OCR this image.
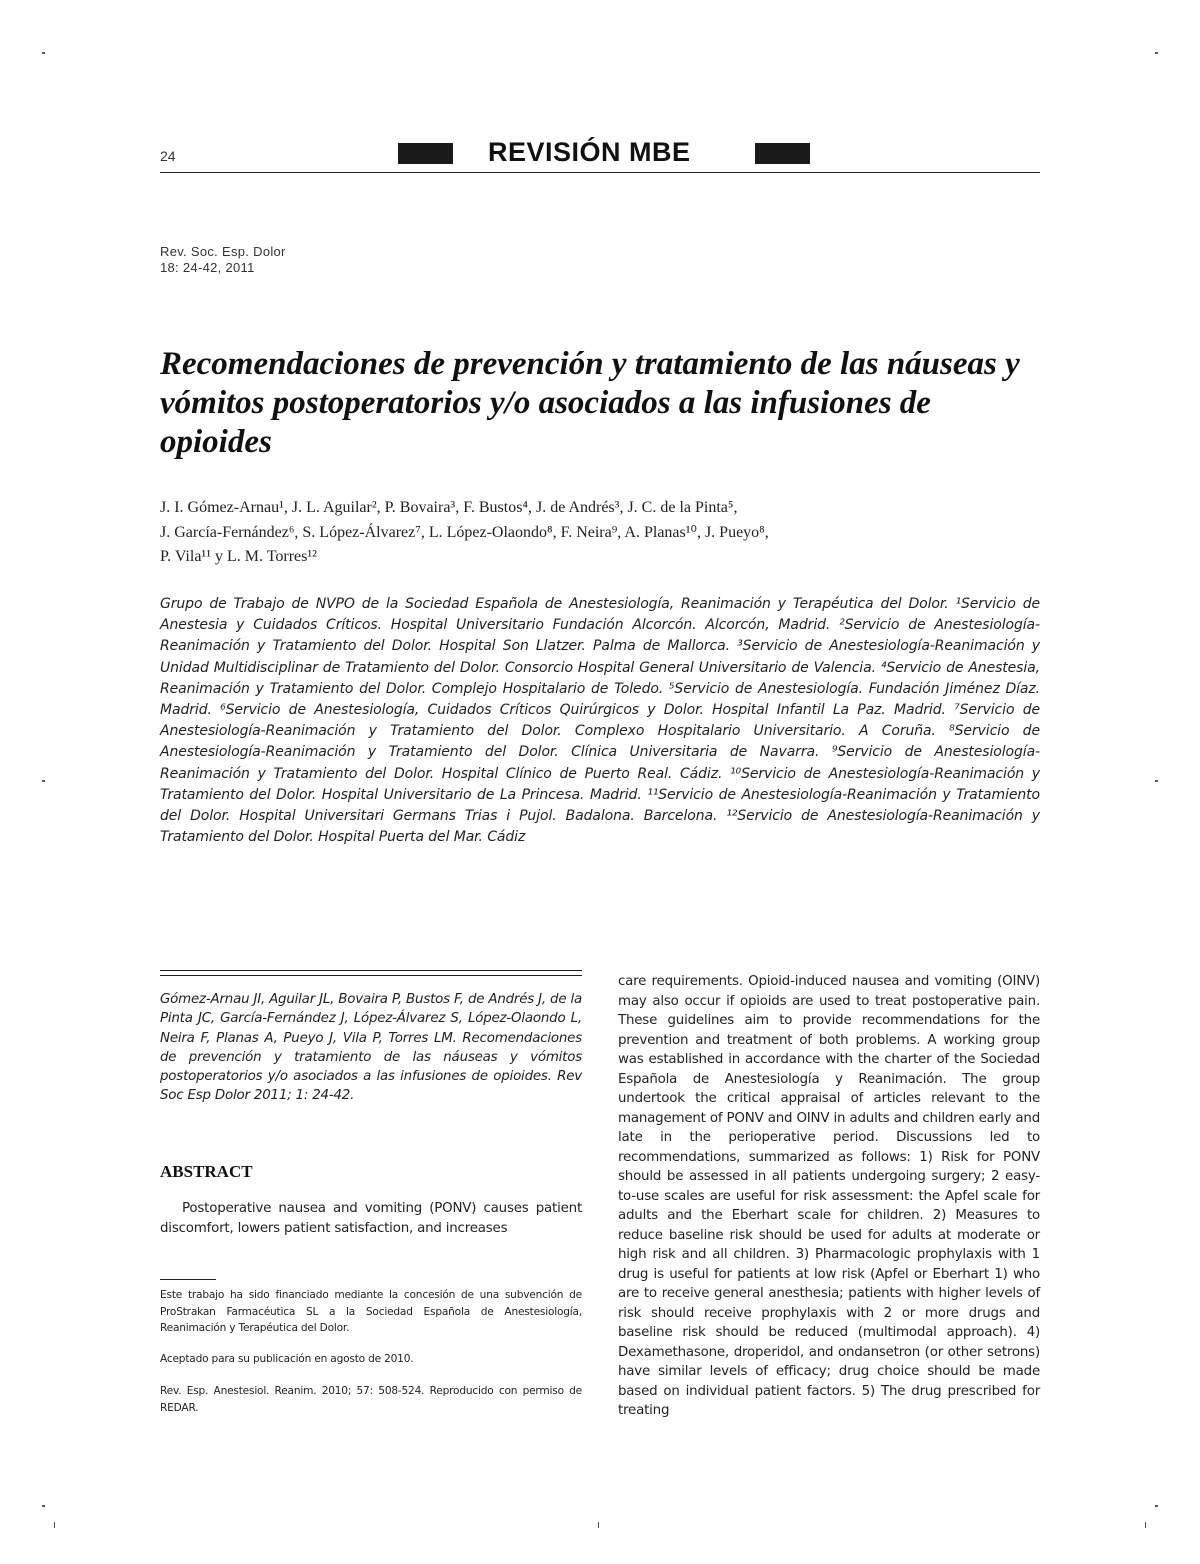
24	REVISIÓN MBE
Rev. Soc. Esp. Dolor
18: 24-42, 2011
Recomendaciones de prevención y tratamiento de las náuseas y vómitos postoperatorios y/o asociados a las infusiones de opioides
J. I. Gómez-Arnau¹, J. L. Aguilar², P. Bovaira³, F. Bustos⁴, J. de Andrés³, J. C. de la Pinta⁵,
J. García-Fernández⁶, S. López-Álvarez⁷, L. López-Olaondo⁸, F. Neira⁹, A. Planas¹⁰, J. Pueyo⁸,
P. Vila¹¹ y L. M. Torres¹²
Grupo de Trabajo de NVPO de la Sociedad Española de Anestesiología, Reanimación y Terapéutica del Dolor. ¹Servicio de Anestesia y Cuidados Críticos. Hospital Universitario Fundación Alcorcón. Alcorcón, Madrid. ²Servicio de Anestesiología-Reanimación y Tratamiento del Dolor. Hospital Son Llatzer. Palma de Mallorca. ³Servicio de Anestesiología-Reanimación y Unidad Multidisciplinar de Tratamiento del Dolor. Consorcio Hospital General Universitario de Valencia. ⁴Servicio de Anestesia, Reanimación y Tratamiento del Dolor. Complejo Hospitalario de Toledo. ⁵Servicio de Anestesiología. Fundación Jiménez Díaz. Madrid. ⁶Servicio de Anestesiología, Cuidados Críticos Quirúrgicos y Dolor. Hospital Infantil La Paz. Madrid. ⁷Servicio de Anestesiología-Reanimación y Tratamiento del Dolor. Complexo Hospitalario Universitario. A Coruña. ⁸Servicio de Anestesiología-Reanimación y Tratamiento del Dolor. Clínica Universitaria de Navarra. ⁹Servicio de Anestesiología-Reanimación y Tratamiento del Dolor. Hospital Clínico de Puerto Real. Cádiz. ¹⁰Servicio de Anestesiología-Reanimación y Tratamiento del Dolor. Hospital Universitario de La Princesa. Madrid. ¹¹Servicio de Anestesiología-Reanimación y Tratamiento del Dolor. Hospital Universitari Germans Trias i Pujol. Badalona. Barcelona. ¹²Servicio de Anestesiología-Reanimación y Tratamiento del Dolor. Hospital Puerta del Mar. Cádiz
Gómez-Arnau JI, Aguilar JL, Bovaira P, Bustos F, de Andrés J, de la Pinta JC, García-Fernández J, López-Álvarez S, López-Olaondo L, Neira F, Planas A, Pueyo J, Vila P, Torres LM. Recomendaciones de prevención y tratamiento de las náuseas y vómitos postoperatorios y/o asociados a las infusiones de opioides. Rev Soc Esp Dolor 2011; 1: 24-42.
ABSTRACT
Postoperative nausea and vomiting (PONV) causes patient discomfort, lowers patient satisfaction, and increases
Este trabajo ha sido financiado mediante la concesión de una subvención de ProStrakan Farmacéutica SL a la Sociedad Española de Anestesiología, Reanimación y Terapéutica del Dolor.
Aceptado para su publicación en agosto de 2010.
Rev. Esp. Anestesiol. Reanim. 2010; 57: 508-524. Reproducido con permiso de REDAR.
care requirements. Opioid-induced nausea and vomiting (OINV) may also occur if opioids are used to treat postoperative pain. These guidelines aim to provide recommendations for the prevention and treatment of both problems. A working group was established in accordance with the charter of the Sociedad Española de Anestesiología y Reanimación. The group undertook the critical appraisal of articles relevant to the management of PONV and OINV in adults and children early and late in the perioperative period. Discussions led to recommendations, summarized as follows: 1) Risk for PONV should be assessed in all patients undergoing surgery; 2 easy-to-use scales are useful for risk assessment: the Apfel scale for adults and the Eberhart scale for children. 2) Measures to reduce baseline risk should be used for adults at moderate or high risk and all children. 3) Pharmacologic prophylaxis with 1 drug is useful for patients at low risk (Apfel or Eberhart 1) who are to receive general anesthesia; patients with higher levels of risk should receive prophylaxis with 2 or more drugs and baseline risk should be reduced (multimodal approach). 4) Dexamethasone, droperidol, and ondansetron (or other setrons) have similar levels of efficacy; drug choice should be made based on individual patient factors. 5) The drug prescribed for treating
